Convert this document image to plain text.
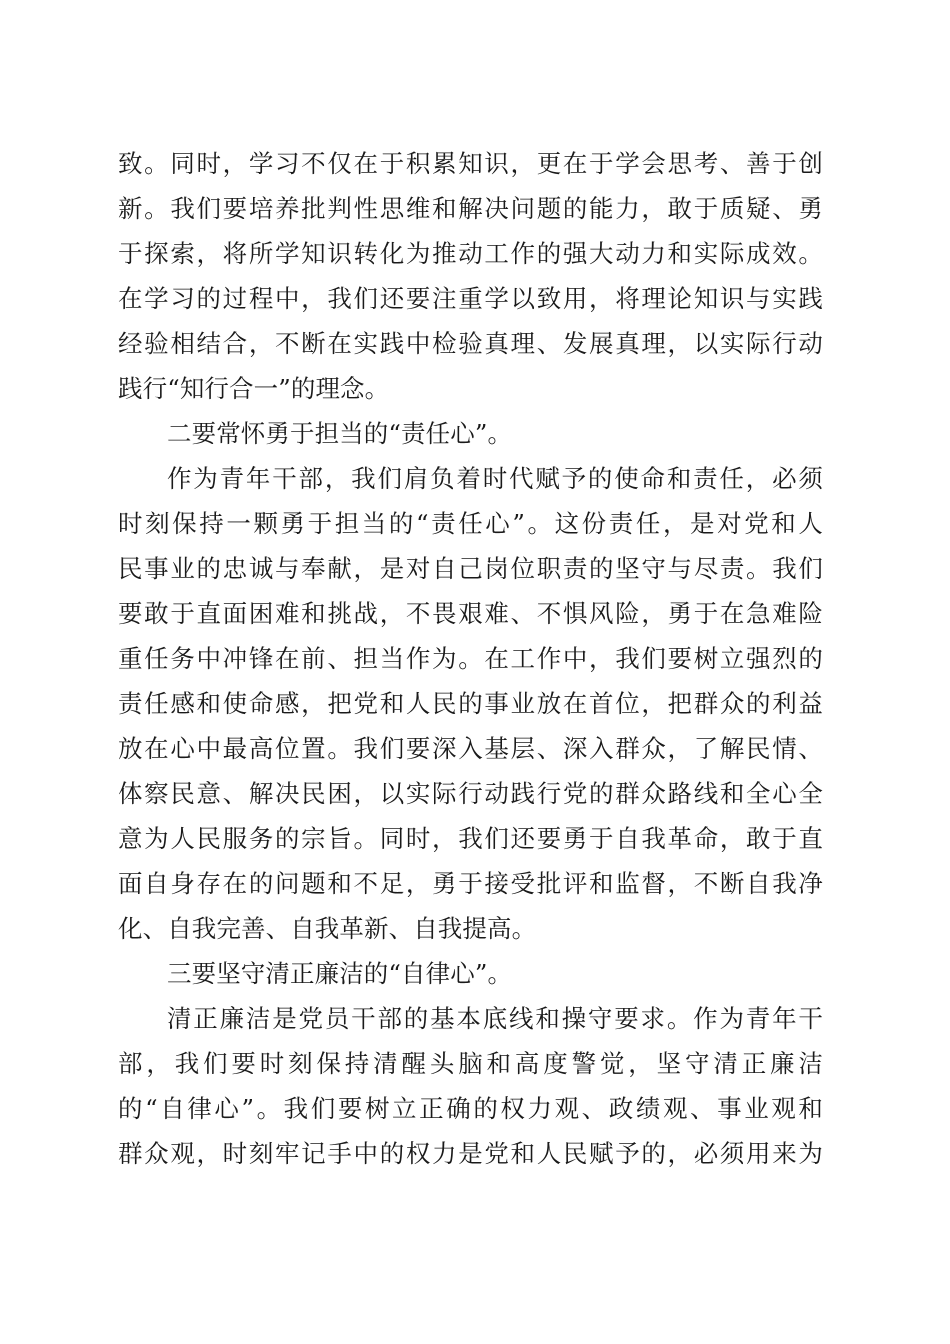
致。同时，学习不仅在于积累知识，更在于学会思考、善于创
新。我们要培养批判性思维和解决问题的能力，敢于质疑、勇
于探索，将所学知识转化为推动工作的强大动力和实际成效。
在学习的过程中，我们还要注重学以致用，将理论知识与实践
经验相结合，不断在实践中检验真理、发展真理，以实际行动
践行“知行合一”的理念。
二要常怀勇于担当的“责任心”。
作为青年干部，我们肩负着时代赋予的使命和责任，必须
时刻保持一颗勇于担当的“责任心”。这份责任，是对党和人
民事业的忠诚与奉献，是对自己岗位职责的坚守与尽责。我们
要敢于直面困难和挑战，不畏艰难、不惧风险，勇于在急难险
重任务中冲锋在前、担当作为。在工作中，我们要树立强烈的
责任感和使命感，把党和人民的事业放在首位，把群众的利益
放在心中最高位置。我们要深入基层、深入群众，了解民情、
体察民意、解决民困，以实际行动践行党的群众路线和全心全
意为人民服务的宗旨。同时，我们还要勇于自我革命，敢于直
面自身存在的问题和不足，勇于接受批评和监督，不断自我净
化、自我完善、自我革新、自我提高。
三要坚守清正廉洁的“自律心”。
清正廉洁是党员干部的基本底线和操守要求。作为青年干
部，我们要时刻保持清醒头脑和高度警觉，坚守清正廉洁
的“自律心”。我们要树立正确的权力观、政绩观、事业观和
群众观，时刻牢记手中的权力是党和人民赋予的，必须用来为
